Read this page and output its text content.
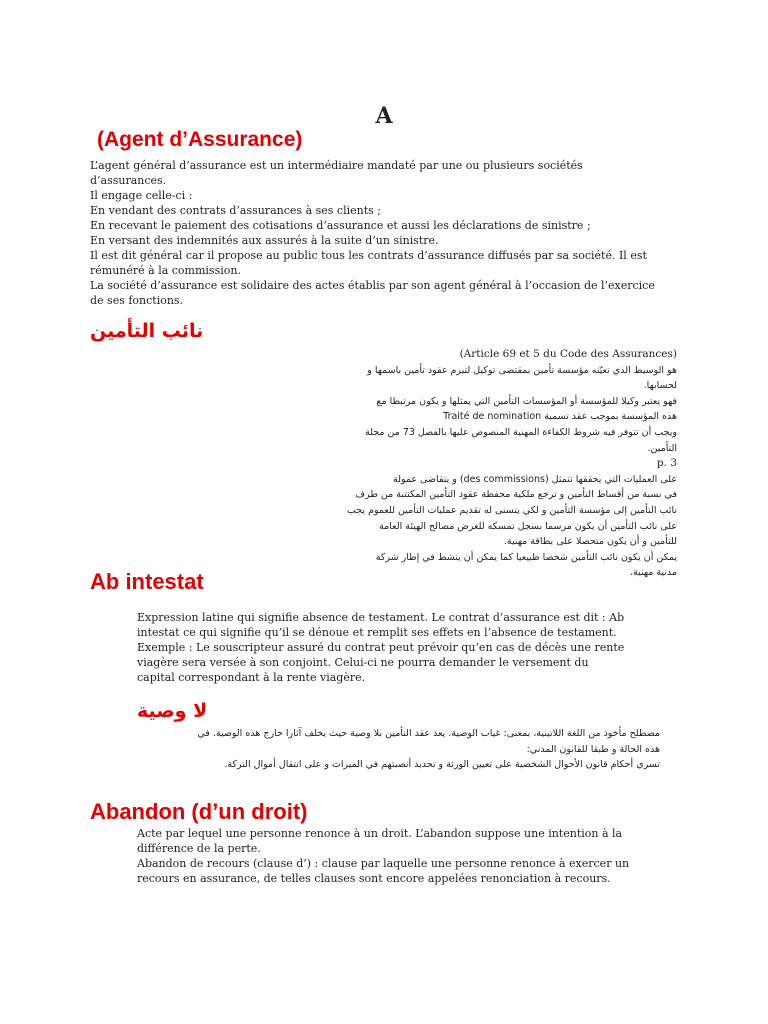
A
(Agent d’Assurance)

L’agent général d’assurance est un intermédiaire mandaté par une ou plusieurs sociétés

d’assurances.

Il engage celle-ci :

En vendant des contrats d’assurances à ses clients ;

En recevant le paiement des cotisations d’assurance et aussi les déclarations de sinistre ;

En versant des indemnités aux assurés à la suite d’un sinistre.

Il est dit général car il propose au public tous les contrats d’assurance diffusés par sa société. Il est

rémunéré à la commission.

La société d’assurance est solidaire des actes établis par son agent général à l’occasion de l’exercice

de ses fonctions.

نائب التأمين

(Article 69 et 5 du Code des Assurances)

هو الوسيط الذي تعيّنه مؤسسة تأمين بمقتضى توكيل لتبرم عقود تأمين باسمها و

لحسابها.

فهو يعتبر وكيلا للمؤسسة أو المؤسسات التأمين التي يمثلها و يكون مرتبطا مع

هذه المؤسسة بموجب عقد تسمية Traité de nomination

ويجب أن تتوفر فيه شروط الكفاءة المهنية المنصوص عليها بالفصل 73 من مجلة

التأمين.

p. 3

على العمليات التي يحققها تتمثل (des commissions) و يتقاضى عمولة

في نسبة من أقساط التأمين و ترجع ملكية محفظة عقود التأمين المكتتبة من طرف

نائب التأمين إلى مؤسسة التأمين و لكي يتسنى له تقديم عمليات التأمين للعموم يجب

على نائب التأمين أن يكون مرسما بسجل تمسكه للغرض مصالح الهيئة العامة

للتأمين و أن يكون متحصلا على بطاقة مهنية.

يمكن أن يكون نائب التأمين شخصا طبيعيا كما يمكن أن ينشط في إطار شركة

مدنية مهنية.

Ab intestat

Expression latine qui signifie absence de testament. Le contrat d’assurance est dit : Ab

intestat ce qui signifie qu’il se dénoue et remplit ses effets en l’absence de testament.

Exemple : Le souscripteur assuré du contrat peut prévoir qu’en cas de décès une rente

viagère sera versée à son conjoint. Celui-ci ne pourra demander le versement du

capital correspondant à la rente viagère.

لا وصية

مصطلح مأخوذ من اللغة اللاتينية، بمعنى: غياب الوصية. يعد عقد التأمين بلا وصية حيث يخلف آثارا خارج هذه الوصية. في

هذه الحالة و طبقا للقانون المدني:

تسري أحكام قانون الأحوال الشخصية على تعيين الورثة و تحديد أنصبتهم في الميراث و على انتقال أموال التركة.

Abandon (d’un droit)

Acte par lequel une personne renonce à un droit. L’abandon suppose une intention à la

différence de la perte.

Abandon de recours (clause d’) : clause par laquelle une personne renonce à exercer un

recours en assurance, de telles clauses sont encore appelées renonciation à recours.
